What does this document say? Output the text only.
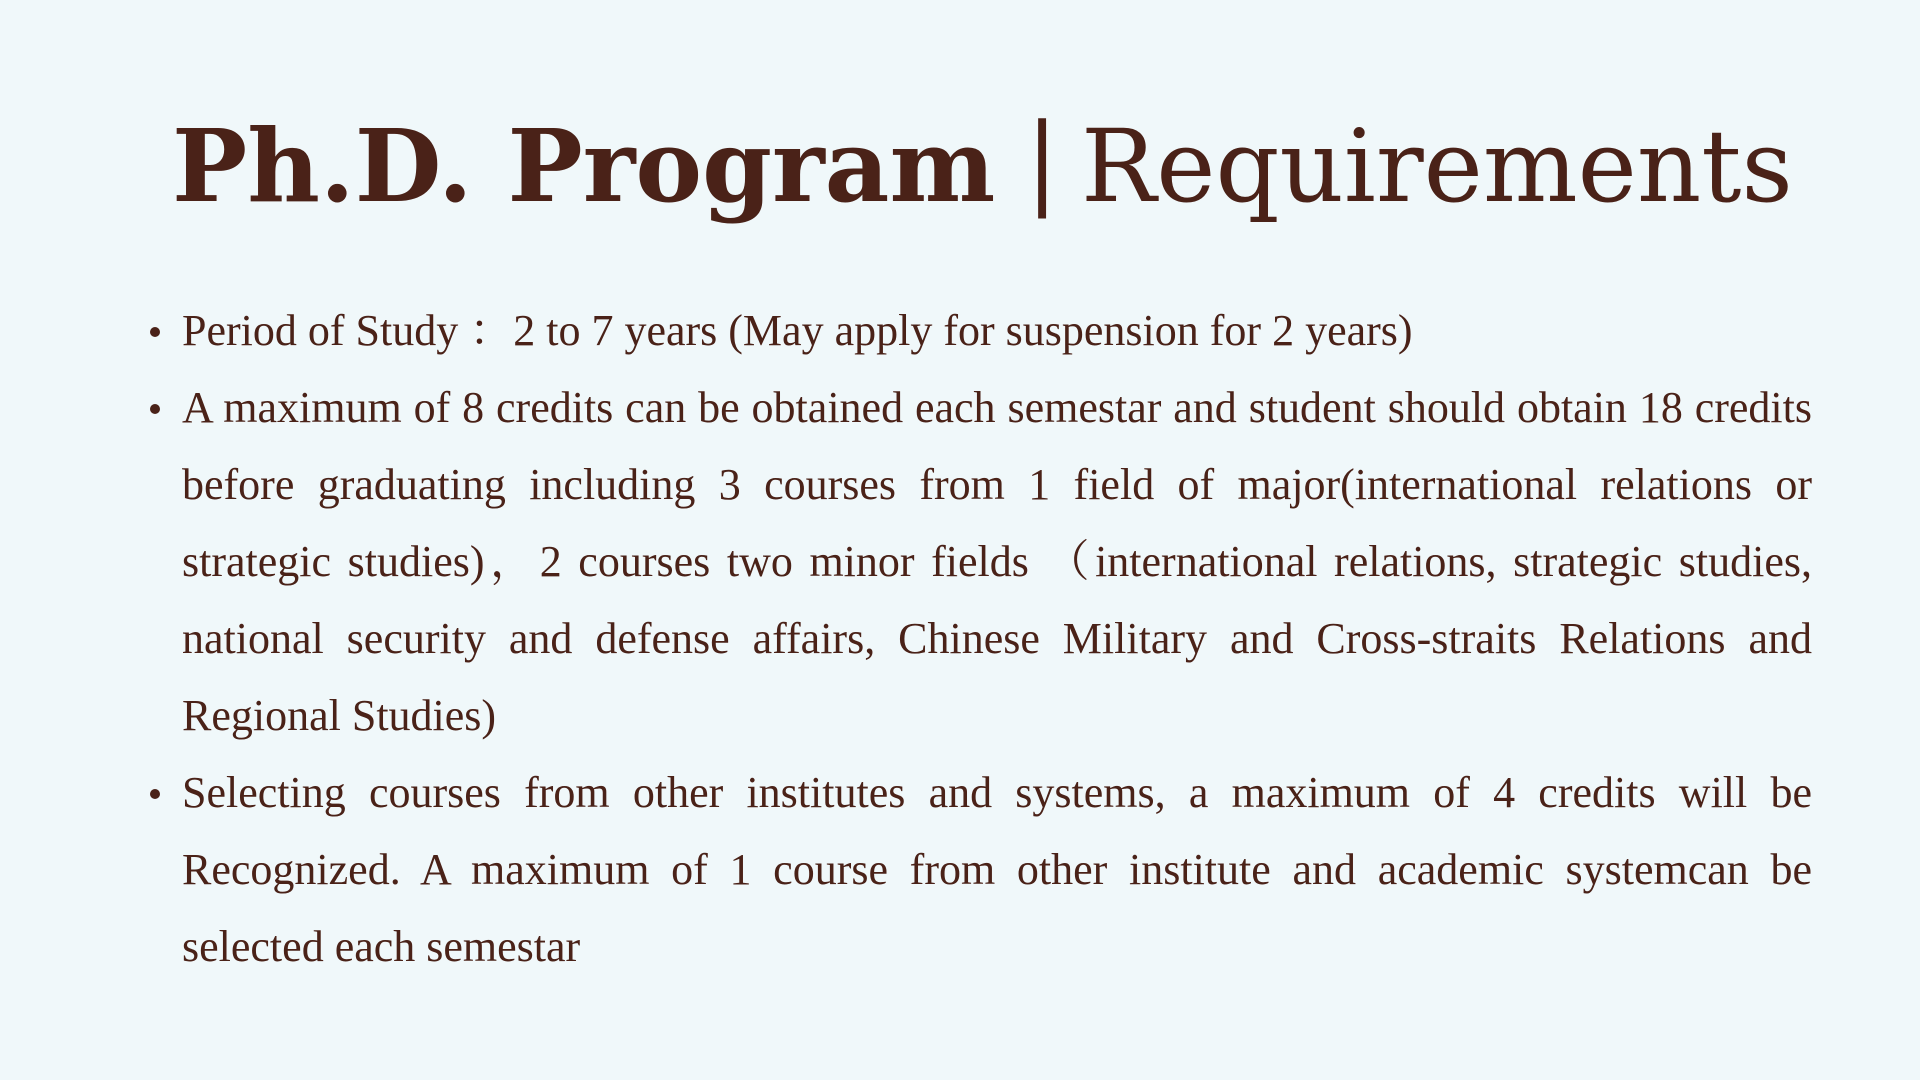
Ph.D. Program | Requirements
Period of Study ：2 to 7 years (May apply for suspension for 2 years)
A maximum of 8 credits can be obtained each semestar and student should obtain 18 credits before graduating including 3 courses from 1 field of major(international relations or strategic studies)，2 courses two minor fields （international relations, strategic studies, national security and defense affairs, Chinese Military and Cross-straits Relations and Regional Studies)
Selecting courses from other institutes and systems, a maximum of 4 credits will be Recognized. A maximum of 1 course from other institute and academic systemcan be selected each semestar
